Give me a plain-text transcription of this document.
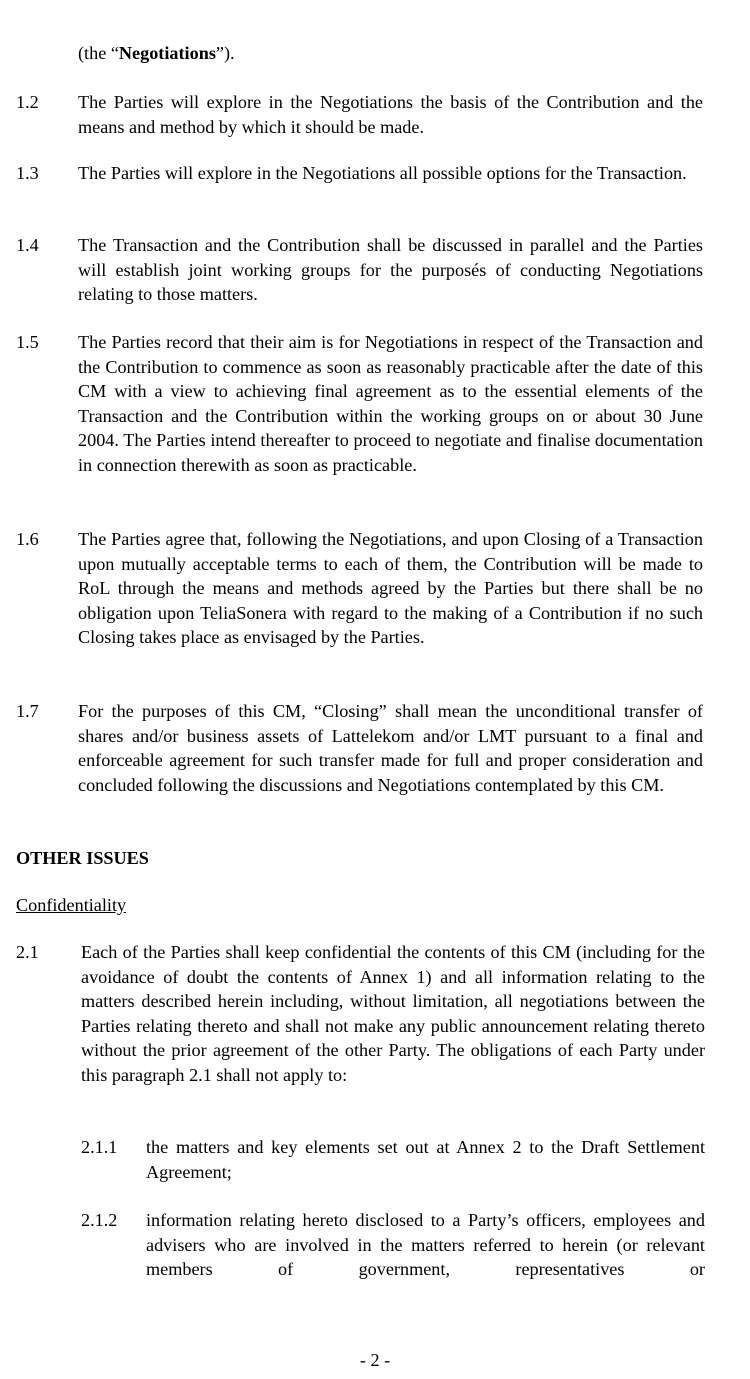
(the “Negotiations”).
1.2 The Parties will explore in the Negotiations the basis of the Contribution and the means and method by which it should be made.
1.3 The Parties will explore in the Negotiations all possible options for the Transaction.
1.4 The Transaction and the Contribution shall be discussed in parallel and the Parties will establish joint working groups for the purposés of conducting Negotiations relating to those matters.
1.5 The Parties record that their aim is for Negotiations in respect of the Transaction and the Contribution to commence as soon as reasonably practicable after the date of this CM with a view to achieving final agreement as to the essential elements of the Transaction and the Contribution within the working groups on or about 30 June 2004. The Parties intend thereafter to proceed to negotiate and finalise documentation in connection therewith as soon as practicable.
1.6 The Parties agree that, following the Negotiations, and upon Closing of a Transaction upon mutually acceptable terms to each of them, the Contribution will be made to RoL through the means and methods agreed by the Parties but there shall be no obligation upon TeliaSonera with regard to the making of a Contribution if no such Closing takes place as envisaged by the Parties.
1.7 For the purposes of this CM, “Closing” shall mean the unconditional transfer of shares and/or business assets of Lattelekom and/or LMT pursuant to a final and enforceable agreement for such transfer made for full and proper consideration and concluded following the discussions and Negotiations contemplated by this CM.
OTHER ISSUES
Confidentiality
2.1 Each of the Parties shall keep confidential the contents of this CM (including for the avoidance of doubt the contents of Annex 1) and all information relating to the matters described herein including, without limitation, all negotiations between the Parties relating thereto and shall not make any public announcement relating thereto without the prior agreement of the other Party. The obligations of each Party under this paragraph 2.1 shall not apply to:
2.1.1 the matters and key elements set out at Annex 2 to the Draft Settlement Agreement;
2.1.2 information relating hereto disclosed to a Party’s officers, employees and advisers who are involved in the matters referred to herein (or relevant members of government, representatives or
- 2 -
